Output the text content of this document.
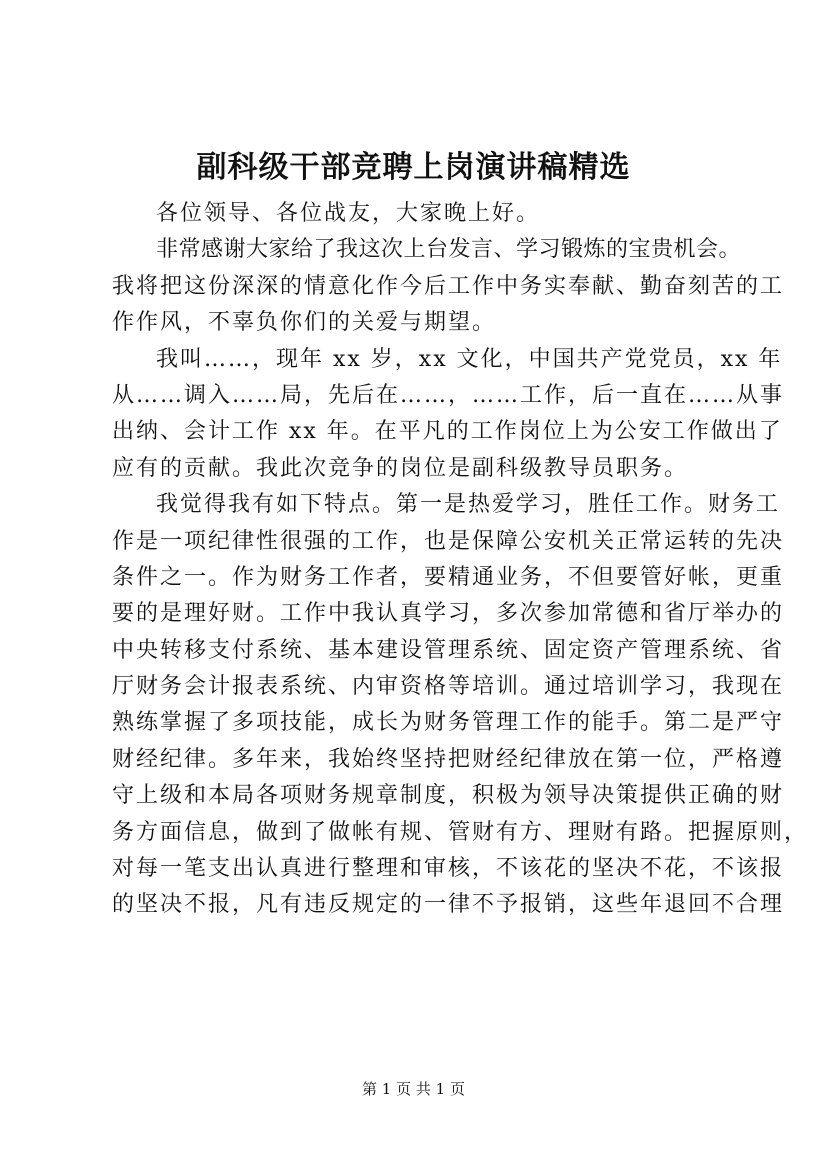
副科级干部竞聘上岗演讲稿精选
各位领导、各位战友，大家晚上好。
非常感谢大家给了我这次上台发言、学习锻炼的宝贵机会。
我将把这份深深的情意化作今后工作中务实奉献、勤奋刻苦的工
作作风，不辜负你们的关爱与期望。
我叫……，现年 xx 岁，xx 文化，中国共产党党员，xx 年
从……调入……局，先后在……，……工作，后一直在……从事
出纳、会计工作 xx 年。在平凡的工作岗位上为公安工作做出了
应有的贡献。我此次竞争的岗位是副科级教导员职务。
我觉得我有如下特点。第一是热爱学习，胜任工作。财务工
作是一项纪律性很强的工作，也是保障公安机关正常运转的先决
条件之一。作为财务工作者，要精通业务，不但要管好帐，更重
要的是理好财。工作中我认真学习，多次参加常德和省厅举办的
中央转移支付系统、基本建设管理系统、固定资产管理系统、省
厅财务会计报表系统、内审资格等培训。通过培训学习，我现在
熟练掌握了多项技能，成长为财务管理工作的能手。第二是严守
财经纪律。多年来，我始终坚持把财经纪律放在第一位，严格遵
守上级和本局各项财务规章制度，积极为领导决策提供正确的财
务方面信息，做到了做帐有规、管财有方、理财有路。把握原则，
对每一笔支出认真进行整理和审核，不该花的坚决不花，不该报
的坚决不报，凡有违反规定的一律不予报销，这些年退回不合理
第 1 页 共 1 页
